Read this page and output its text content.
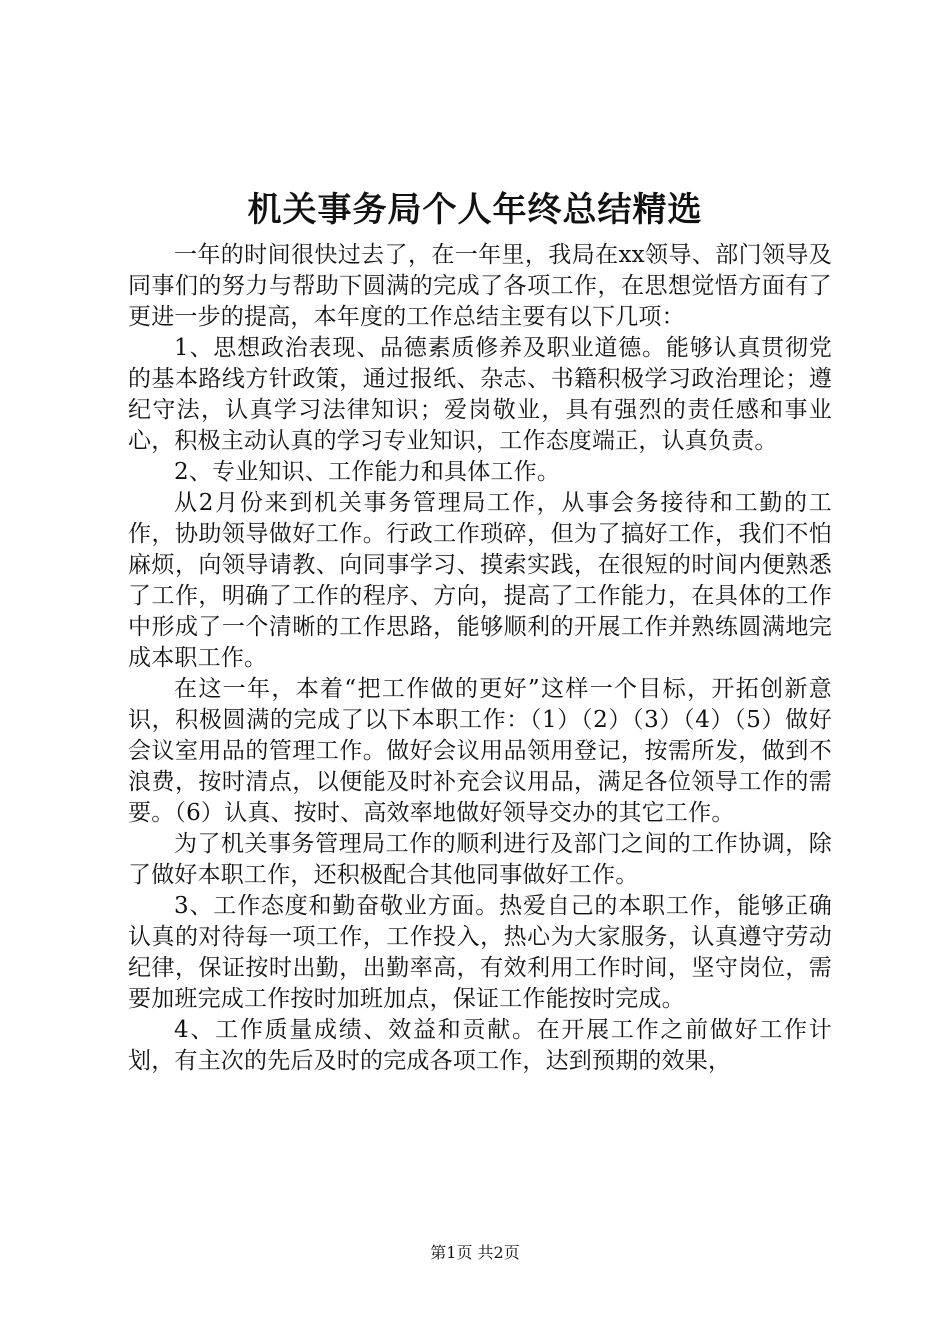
机关事务局个人年终总结精选

一年的时间很快过去了，在一年里，我局在xx领导、部门领导及同事们的努力与帮助下圆满的完成了各项工作，在思想觉悟方面有了更进一步的提高，本年度的工作总结主要有以下几项：

1、思想政治表现、品德素质修养及职业道德。能够认真贯彻党的基本路线方针政策，通过报纸、杂志、书籍积极学习政治理论；遵纪守法，认真学习法律知识；爱岗敬业，具有强烈的责任感和事业心，积极主动认真的学习专业知识，工作态度端正，认真负责。

2、专业知识、工作能力和具体工作。

从2月份来到机关事务管理局工作，从事会务接待和工勤的工作，协助领导做好工作。行政工作琐碎，但为了搞好工作，我们不怕麻烦，向领导请教、向同事学习、摸索实践，在很短的时间内便熟悉了工作，明确了工作的程序、方向，提高了工作能力，在具体的工作中形成了一个清晰的工作思路，能够顺利的开展工作并熟练圆满地完成本职工作。

在这一年，本着“把工作做的更好”这样一个目标，开拓创新意识，积极圆满的完成了以下本职工作：（1）（2）（3）（4）（5）做好会议室用品的管理工作。做好会议用品领用登记，按需所发，做到不浪费，按时清点，以便能及时补充会议用品，满足各位领导工作的需要。（6）认真、按时、高效率地做好领导交办的其它工作。

为了机关事务管理局工作的顺利进行及部门之间的工作协调，除了做好本职工作，还积极配合其他同事做好工作。

3、工作态度和勤奋敬业方面。热爱自己的本职工作，能够正确认真的对待每一项工作，工作投入，热心为大家服务，认真遵守劳动纪律，保证按时出勤，出勤率高，有效利用工作时间，坚守岗位，需要加班完成工作按时加班加点，保证工作能按时完成。

4、工作质量成绩、效益和贡献。在开展工作之前做好工作计划，有主次的先后及时的完成各项工作，达到预期的效果，

第1页 共2页
